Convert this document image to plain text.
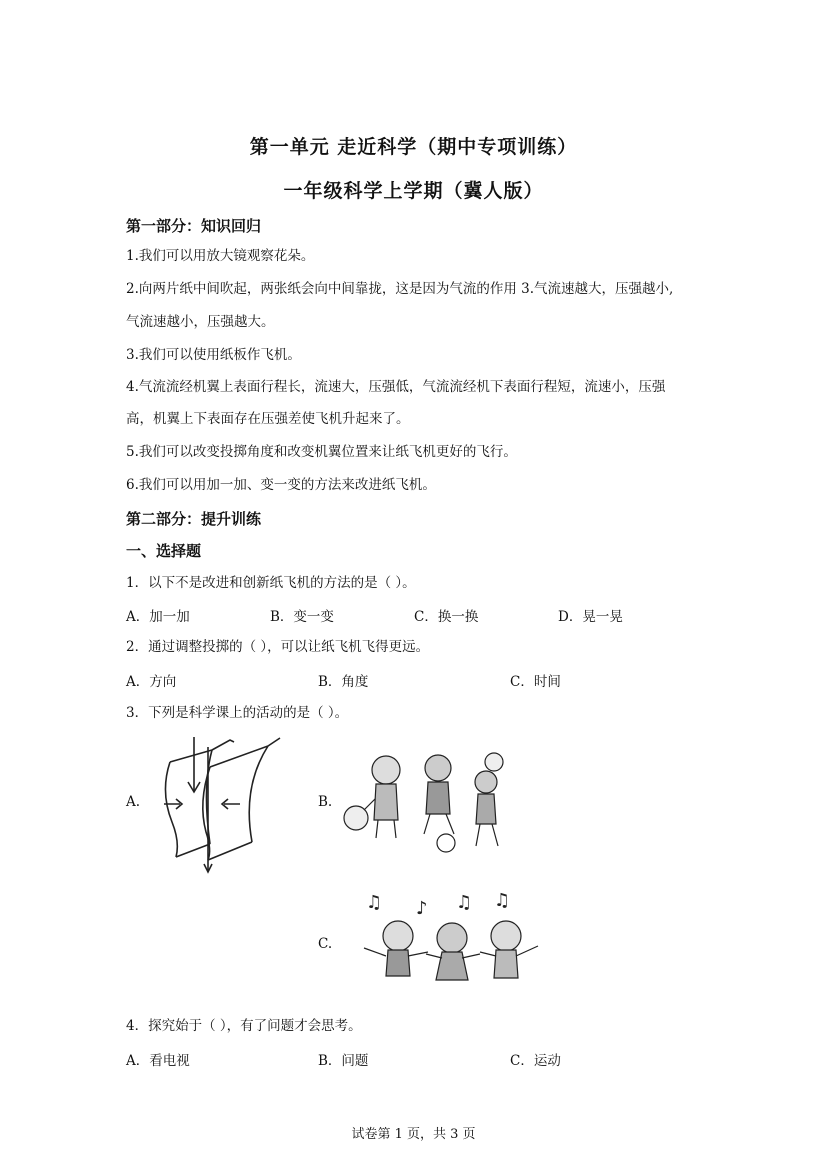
第一单元 走近科学（期中专项训练）
一年级科学上学期（冀人版）
第一部分：知识回归
1.我们可以用放大镜观察花朵。
2.向两片纸中间吹起，两张纸会向中间靠拢，这是因为气流的作用 3.气流速越大，压强越小,
气流速越小，压强越大。
3.我们可以使用纸板作飞机。
4.气流流经机翼上表面行程长，流速大，压强低，气流流经机下表面行程短，流速小，压强
高，机翼上下表面存在压强差使飞机升起来了。
5.我们可以改变投掷角度和改变机翼位置来让纸飞机更好的飞行。
6.我们可以用加一加、变一变的方法来改进纸飞机。
第二部分：提升训练
一、选择题
1．以下不是改进和创新纸飞机的方法的是（ ）。
A．加一加	B．变一变	C．换一换	D．晃一晃
2．通过调整投掷的（ ），可以让纸飞机飞得更远。
A．方向	B．角度	C．时间
3．下列是科学课上的活动的是（ ）。
A.	B.
C.
♫ ♪ ♫ ♫
4．探究始于（ ），有了问题才会思考。
A．看电视	B．问题	C．运动
试卷第 1 页，共 3 页
